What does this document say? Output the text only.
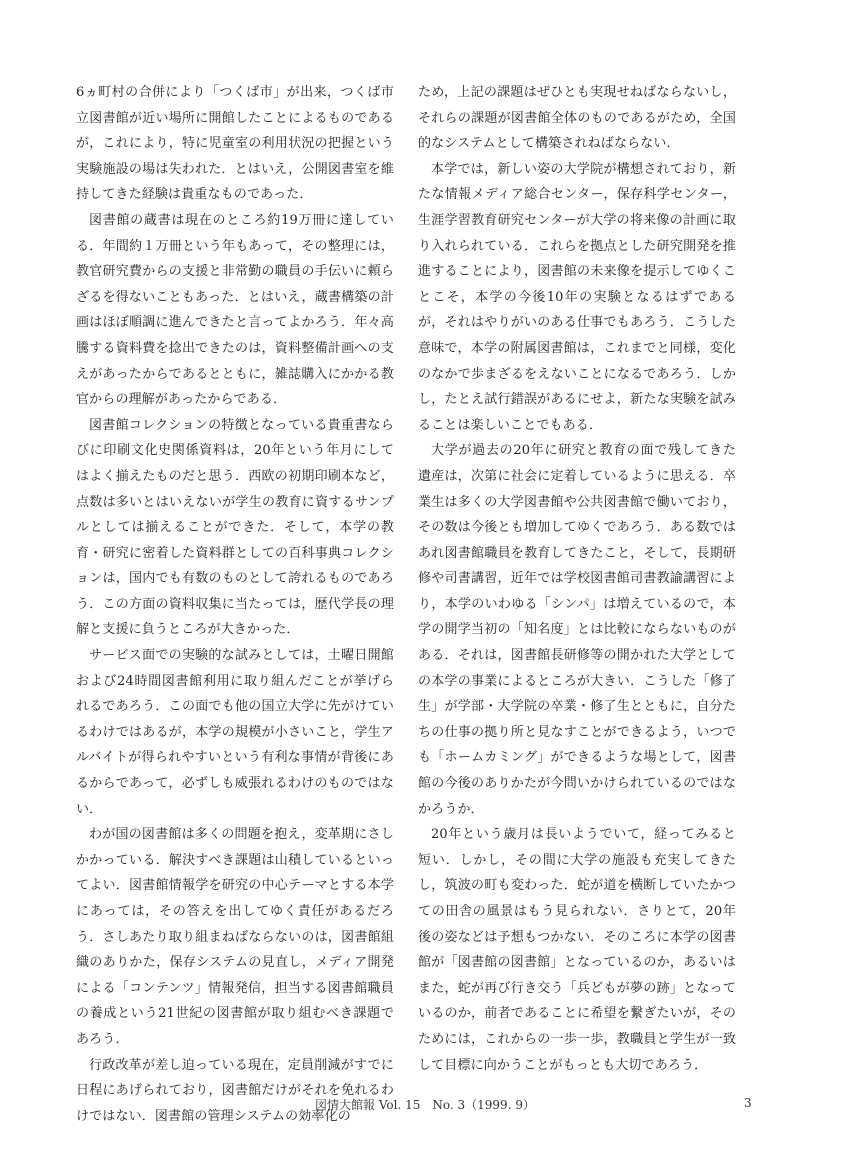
6ヵ町村の合併により「つくば市」が出来，つくば市立図書館が近い場所に開館したことによるものであるが，これにより，特に児童室の利用状況の把握という実験施設の場は失われた．とはいえ，公開図書室を維持してきた経験は貴重なものであった．

図書館の蔵書は現在のところ約19万冊に達している．年間約１万冊という年もあって，その整理には，教官研究費からの支援と非常勤の職員の手伝いに頼らざるを得ないこともあった．とはいえ，蔵書構築の計画はほぼ順調に進んできたと言ってよかろう．年々高騰する資料費を捻出できたのは，資料整備計画への支えがあったからであるとともに，雑誌購入にかかる教官からの理解があったからである．

図書館コレクションの特徴となっている貴重書ならびに印刷文化史関係資料は，20年という年月にしてはよく揃えたものだと思う．西欧の初期印刷本など，点数は多いとはいえないが学生の教育に資するサンプルとしては揃えることができた．そして，本学の教育・研究に密着した資料群としての百科事典コレクションは，国内でも有数のものとして誇れるものであろう．この方面の資料収集に当たっては，歴代学長の理解と支援に負うところが大きかった．

サービス面での実験的な試みとしては，土曜日開館および24時間図書館利用に取り組んだことが挙げられるであろう．この面でも他の国立大学に先がけているわけではあるが，本学の規模が小さいこと，学生アルバイトが得られやすいという有利な事情が背後にあるからであって，必ずしも威張れるわけのものではない．

わが国の図書館は多くの問題を抱え，変革期にさしかかっている．解決すべき課題は山積しているといってよい．図書館情報学を研究の中心テーマとする本学にあっては，その答えを出してゆく責任があるだろう．さしあたり取り組まねばならないのは，図書館組織のありかた，保存システムの見直し，メディア開発による「コンテンツ」情報発信，担当する図書館職員の養成という21世紀の図書館が取り組むべき課題であろう．

行政改革が差し迫っている現在，定員削減がすでに日程にあげられており，図書館だけがそれを免れるわけではない．図書館の管理システムの効率化の

ため，上記の課題はぜひとも実現せねばならないし，それらの課題が図書館全体のものであるがため，全国的なシステムとして構築されねばならない．

本学では，新しい姿の大学院が構想されており，新たな情報メディア総合センター，保存科学センター，生涯学習教育研究センターが大学の将来像の計画に取り入れられている．これらを拠点とした研究開発を推進することにより，図書館の未来像を提示してゆくことこそ，本学の今後10年の実験となるはずであるが，それはやりがいのある仕事でもあろう．こうした意味で，本学の附属図書館は，これまでと同様，変化のなかで歩まざるをえないことになるであろう．しかし，たとえ試行錯誤があるにせよ，新たな実験を試みることは楽しいことでもある．

大学が過去の20年に研究と教育の面で残してきた遺産は，次第に社会に定着しているように思える．卒業生は多くの大学図書館や公共図書館で働いており，その数は今後とも増加してゆくであろう．ある数ではあれ図書館職員を教育してきたこと，そして，長期研修や司書講習，近年では学校図書館司書教諭講習により，本学のいわゆる「シンパ」は増えているので，本学の開学当初の「知名度」とは比較にならないものがある．それは，図書館長研修等の開かれた大学としての本学の事業によるところが大きい．こうした「修了生」が学部・大学院の卒業・修了生とともに，自分たちの仕事の拠り所と見なすことができるよう，いつでも「ホームカミング」ができるような場として，図書館の今後のありかたが今問いかけられているのではなかろうか．

20年という歳月は長いようでいて，経ってみると短い．しかし，その間に大学の施設も充実してきたし，筑波の町も変わった．蛇が道を横断していたかつての田舎の風景はもう見られない．さりとて，20年後の姿などは予想もつかない．そのころに本学の図書館が「図書館の図書館」となっているのか，あるいはまた，蛇が再び行き交う「兵どもが夢の跡」となっているのか，前者であることに希望を繋ぎたいが，そのためには，これからの一歩一歩，教職員と学生が一致して目標に向かうことがもっとも大切であろう．

図情大館報 Vol. 15　No. 3（1999. 9）	3
